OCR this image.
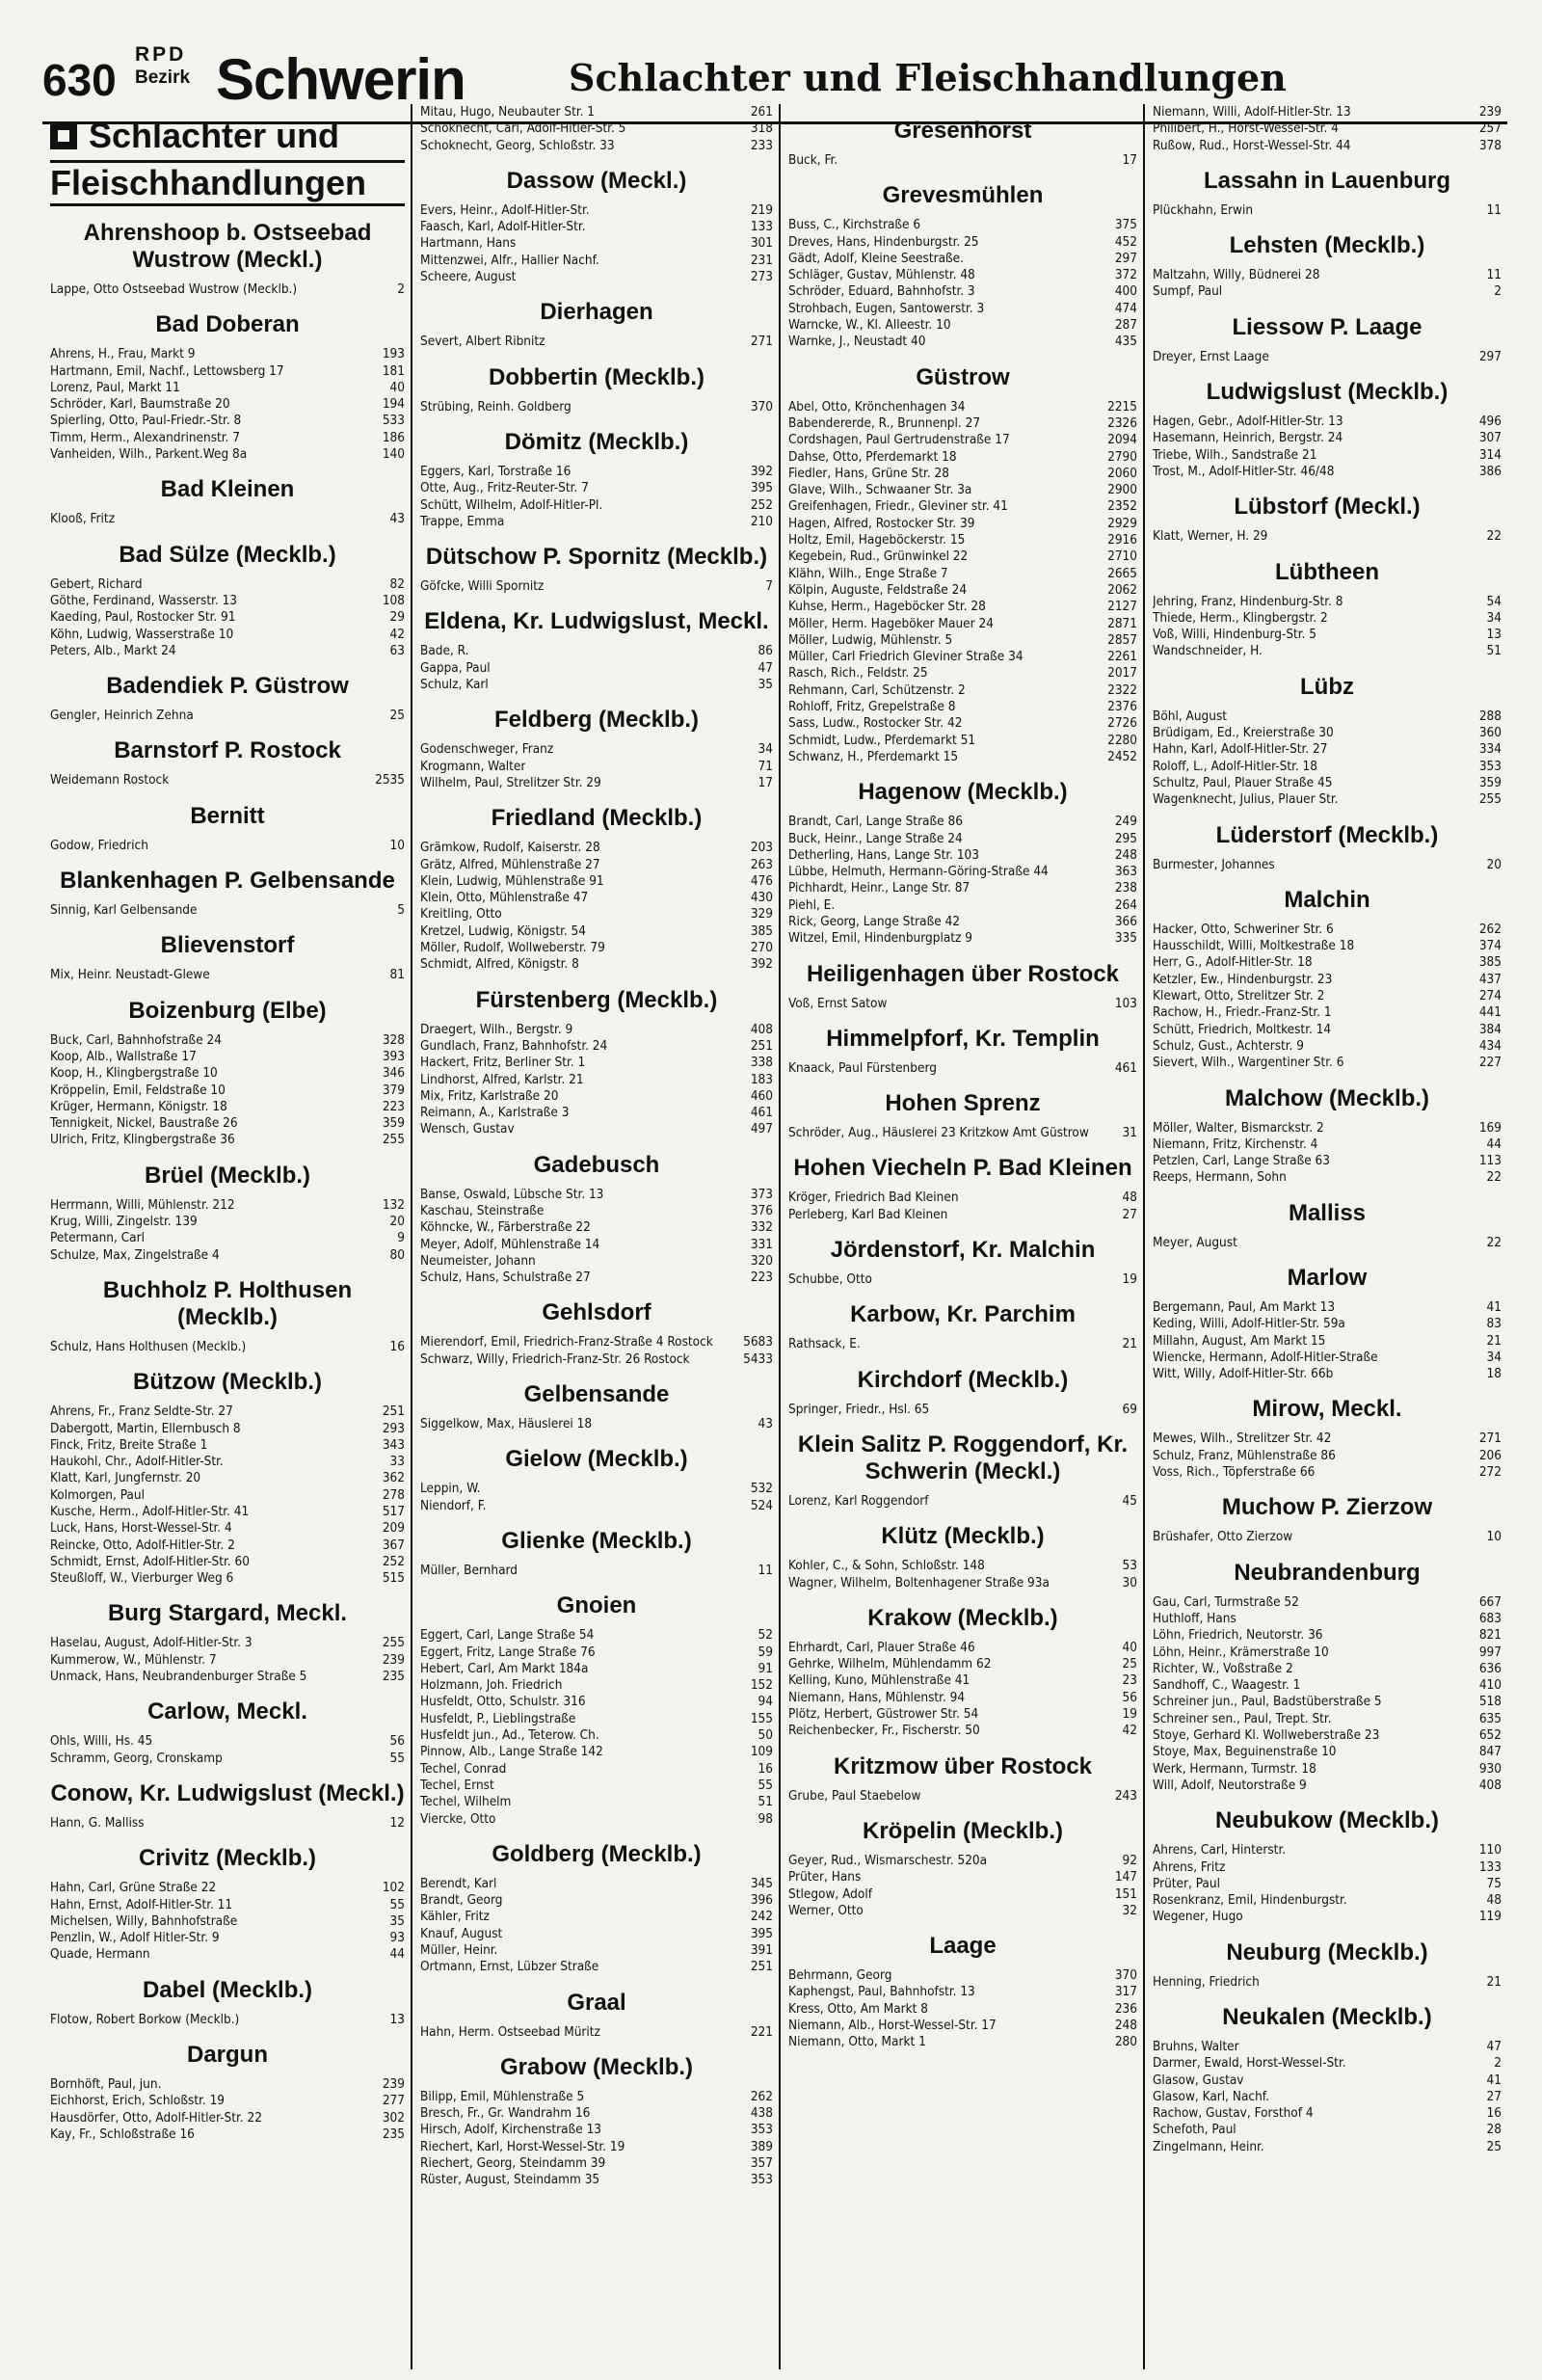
630
RPD
Bezirk Schwerin	Schlachter und Fleischhandlungen
Schlachter und
Fleischhandlungen
Ahrenshoop b. Ostseebad Wustrow (Meckl.)
Lappe, Otto Ostseebad Wustrow (Mecklb.)	2
Bad Doberan
Ahrens, H., Frau, Markt 9	193
Hartmann, Emil, Nachf., Lettowsberg 17	181
Lorenz, Paul, Markt 11	40
Schröder, Karl, Baumstraße 20	194
Spierling, Otto, Paul-Friedr.-Str. 8	533
Timm, Herm., Alexandrinenstr. 7	186
Vanheiden, Wilh., Parkent.Weg 8a	140
Bad Kleinen
Klooß, Fritz	43
Bad Sülze (Mecklb.)
Gebert, Richard	82
Göthe, Ferdinand, Wasserstr. 13	108
Kaeding, Paul, Rostocker Str. 91	29
Köhn, Ludwig, Wasserstraße 10	42
Peters, Alb., Markt 24	63
Badendiek P. Güstrow
Gengler, Heinrich Zehna	25
Barnstorf P. Rostock
Weidemann Rostock	2535
Bernitt
Godow, Friedrich	10
Blankenhagen P. Gelbensande
Sinnig, Karl Gelbensande	5
Blievenstorf
Mix, Heinr. Neustadt-Glewe	81
Boizenburg (Elbe)
Buck, Carl, Bahnhofstraße 24	328
Koop, Alb., Wallstraße 17	393
Koop, H., Klingbergstraße 10	346
Kröppelin, Emil, Feldstraße 10	379
Krüger, Hermann, Königstr. 18	223
Tennigkeit, Nickel, Baustraße 26	359
Ulrich, Fritz, Klingbergstraße 36	255
Brüel (Mecklb.)
Herrmann, Willi, Mühlenstr. 212	132
Krug, Willi, Zingelstr. 139	20
Petermann, Carl	9
Schulze, Max, Zingelstraße 4	80
Buchholz P. Holthusen (Mecklb.)
Schulz, Hans Holthusen (Mecklb.)	16
Bützow (Mecklb.)
Ahrens, Fr., Franz Seldte-Str. 27	251
Dabergott, Martin, Ellernbusch 8	293
Finck, Fritz, Breite Straße 1	343
Haukohl, Chr., Adolf-Hitler-Str.	33
Klatt, Karl, Jungfernstr. 20	362
Kolmorgen, Paul	278
Kusche, Herm., Adolf-Hitler-Str. 41	517
Luck, Hans, Horst-Wessel-Str. 4	209
Reincke, Otto, Adolf-Hitler-Str. 2	367
Schmidt, Ernst, Adolf-Hitler-Str. 60	252
Steußloff, W., Vierburger Weg 6	515
Burg Stargard, Meckl.
Haselau, August, Adolf-Hitler-Str. 3	255
Kummerow, W., Mühlenstr. 7	239
Unmack, Hans, Neubrandenburger Straße 5	235
Carlow, Meckl.
Ohls, Willi, Hs. 45	56
Schramm, Georg, Cronskamp	55
Conow, Kr. Ludwigslust (Meckl.)
Hann, G. Malliss	12
Crivitz (Mecklb.)
Hahn, Carl, Grüne Straße 22	102
Hahn, Ernst, Adolf-Hitler-Str. 11	55
Michelsen, Willy, Bahnhofstraße	35
Penzlin, W., Adolf Hitler-Str. 9	93
Quade, Hermann	44
Dabel (Mecklb.)
Flotow, Robert Borkow (Mecklb.)	13
Dargun
Bornhöft, Paul, jun.	239
Eichhorst, Erich, Schloßstr. 19	277
Hausdörfer, Otto, Adolf-Hitler-Str. 22	302
Kay, Fr., Schloßstraße 16	235
Mitau, Hugo, Neubauter Str. 1	261
Schoknecht, Carl, Adolf-Hitler-Str. 5	318
Schoknecht, Georg, Schloßstr. 33	233
Dassow (Meckl.)
Evers, Heinr., Adolf-Hitler-Str.	219
Faasch, Karl, Adolf-Hitler-Str.	133
Hartmann, Hans	301
Mittenzwei, Alfr., Hallier Nachf.	231
Scheere, August	273
Dierhagen
Severt, Albert Ribnitz	271
Dobbertin (Mecklb.)
Strübing, Reinh. Goldberg	370
Dömitz (Mecklb.)
Eggers, Karl, Torstraße 16	392
Otte, Aug., Fritz-Reuter-Str. 7	395
Schütt, Wilhelm, Adolf-Hitler-Pl.	252
Trappe, Emma	210
Dütschow P. Spornitz (Mecklb.)
Göfcke, Willi Spornitz	7
Eldena, Kr. Ludwigslust, Meckl.
Bade, R.	86
Gappa, Paul	47
Schulz, Karl	35
Feldberg (Mecklb.)
Godenschweger, Franz	34
Krogmann, Walter	71
Wilhelm, Paul, Strelitzer Str. 29	17
Friedland (Mecklb.)
Grämkow, Rudolf, Kaiserstr. 28	203
Grätz, Alfred, Mühlenstraße 27	263
Klein, Ludwig, Mühlenstraße 91	476
Klein, Otto, Mühlenstraße 47	430
Kreitling, Otto	329
Kretzel, Ludwig, Königstr. 54	385
Möller, Rudolf, Wollweberstr. 79	270
Schmidt, Alfred, Königstr. 8	392
Fürstenberg (Mecklb.)
Draegert, Wilh., Bergstr. 9	408
Gundlach, Franz, Bahnhofstr. 24	251
Hackert, Fritz, Berliner Str. 1	338
Lindhorst, Alfred, Karlstr. 21	183
Mix, Fritz, Karlstraße 20	460
Reimann, A., Karlstraße 3	461
Wensch, Gustav	497
Gadebusch
Banse, Oswald, Lübsche Str. 13	373
Kaschau, Steinstraße	376
Köhncke, W., Färberstraße 22	332
Meyer, Adolf, Mühlenstraße 14	331
Neumeister, Johann	320
Schulz, Hans, Schulstraße 27	223
Gehlsdorf
Mierendorf, Emil, Friedrich-Franz-Straße 4 Rostock 5683
Schwarz, Willy, Friedrich-Franz-Str. 26 Rostock	5433
Gelbensande
Siggelkow, Max, Häuslerei 18	43
Gielow (Mecklb.)
Leppin, W.	532
Niendorf, F.	524
Glienke (Mecklb.)
Müller, Bernhard	11
Gnoien
Eggert, Carl, Lange Straße 54	52
Eggert, Fritz, Lange Straße 76	59
Hebert, Carl, Am Markt 184a	91
Holzmann, Joh. Friedrich	152
Husfeldt, Otto, Schulstr. 316	94
Husfeldt, P., Lieblingstraße	155
Husfeldt jun., Ad., Teterow. Ch.	50
Pinnow, Alb., Lange Straße 142	109
Techel, Conrad	16
Techel, Ernst	55
Techel, Wilhelm	51
Viercke, Otto	98
Goldberg (Mecklb.)
Berendt, Karl	345
Brandt, Georg	396
Kähler, Fritz	242
Knauf, August	395
Müller, Heinr.	391
Ortmann, Ernst, Lübzer Straße	251
Graal
Hahn, Herm. Ostseebad Müritz	221
Grabow (Mecklb.)
Bilipp, Emil, Mühlenstraße 5	262
Bresch, Fr., Gr. Wandrahm 16	438
Hirsch, Adolf, Kirchenstraße 13	353
Riechert, Karl, Horst-Wessel-Str. 19	389
Riechert, Georg, Steindamm 39	357
Rüster, August, Steindamm 35	353
Gresenhorst
Buck, Fr.	17
Grevesmühlen
Buss, C., Kirchstraße 6	375
Dreves, Hans, Hindenburgstr. 25	452
Gädt, Adolf, Kleine Seestraße.	297
Schläger, Gustav, Mühlenstr. 48	372
Schröder, Eduard, Bahnhofstr. 3	400
Strohbach, Eugen, Santowerstr. 3	474
Warncke, W., Kl. Alleestr. 10	287
Warnke, J., Neustadt 40	435
Güstrow
Abel, Otto, Krönchenhagen 34	2215
Babendererde, R., Brunnenpl. 27	2326
Cordshagen, Paul Gertrudenstraße 17	2094
Dahse, Otto, Pferdemarkt 18	2790
Fiedler, Hans, Grüne Str. 28	2060
Glave, Wilh., Schwaaner Str. 3a	2900
Greifenhagen, Friedr., Gleviner str. 41	2352
Hagen, Alfred, Rostocker Str. 39	2929
Holtz, Emil, Hageböckerstr. 15	2916
Kegebein, Rud., Grünwinkel 22	2710
Klähn, Wilh., Enge Straße 7	2665
Kölpin, Auguste, Feldstraße 24	2062
Kuhse, Herm., Hageböcker Str. 28	2127
Möller, Herm. Hageböker Mauer 24	2871
Möller, Ludwig, Mühlenstr. 5	2857
Müller, Carl Friedrich Gleviner Straße 34	2261
Rasch, Rich., Feldstr. 25	2017
Rehmann, Carl, Schützenstr. 2	2322
Rohloff, Fritz, Grepelstraße 8	2376
Sass, Ludw., Rostocker Str. 42	2726
Schmidt, Ludw., Pferdemarkt 51	2280
Schwanz, H., Pferdemarkt 15	2452
Hagenow (Mecklb.)
Brandt, Carl, Lange Straße 86	249
Buck, Heinr., Lange Straße 24	295
Detherling, Hans, Lange Str. 103	248
Lübbe, Helmuth, Hermann-Göring-Straße 44	363
Pichhardt, Heinr., Lange Str. 87	238
Piehl, E.	264
Rick, Georg, Lange Straße 42	366
Witzel, Emil, Hindenburgplatz 9	335
Heiligenhagen über Rostock
Voß, Ernst Satow	103
Himmelpforf, Kr. Templin
Knaack, Paul Fürstenberg	461
Hohen Sprenz
Schröder, Aug., Häuslerei 23 Kritzkow Amt Güstrow	31
Hohen Viecheln P. Bad Kleinen
Kröger, Friedrich Bad Kleinen	48
Perleberg, Karl Bad Kleinen	27
Jördenstorf, Kr. Malchin
Schubbe, Otto	19
Karbow, Kr. Parchim
Rathsack, E.	21
Kirchdorf (Mecklb.)
Springer, Friedr., Hsl. 65	69
Klein Salitz P. Roggendorf, Kr. Schwerin (Meckl.)
Lorenz, Karl Roggendorf	45
Klütz (Mecklb.)
Kohler, C., & Sohn, Schloßstr. 148	53
Wagner, Wilhelm, Boltenhagener Straße 93a	30
Krakow (Mecklb.)
Ehrhardt, Carl, Plauer Straße 46	40
Gehrke, Wilhelm, Mühlendamm 62	25
Kelling, Kuno, Mühlenstraße 41	23
Niemann, Hans, Mühlenstr. 94	56
Plötz, Herbert, Güstrower Str. 54	19
Reichenbecker, Fr., Fischerstr. 50	42
Kritzmow über Rostock
Grube, Paul Staebelow	243
Kröpelin (Mecklb.)
Geyer, Rud., Wismarschestr. 520a	92
Prüter, Hans	147
Stlegow, Adolf	151
Werner, Otto	32
Laage
Behrmann, Georg	370
Kaphengst, Paul, Bahnhofstr. 13	317
Kress, Otto, Am Markt 8	236
Niemann, Alb., Horst-Wessel-Str. 17	248
Niemann, Otto, Markt 1	280
Niemann, Willi, Adolf-Hitler-Str. 13	239
Philibert, H., Horst-Wessel-Str. 4	257
Rußow, Rud., Horst-Wessel-Str. 44	378
Lassahn in Lauenburg
Plückhahn, Erwin	11
Lehsten (Mecklb.)
Maltzahn, Willy, Büdnerei 28	11
Sumpf, Paul	2
Liessow P. Laage
Dreyer, Ernst Laage	297
Ludwigslust (Mecklb.)
Hagen, Gebr., Adolf-Hitler-Str. 13	496
Hasemann, Heinrich, Bergstr. 24	307
Triebe, Wilh., Sandstraße 21	314
Trost, M., Adolf-Hitler-Str. 46/48	386
Lübstorf (Meckl.)
Klatt, Werner, H. 29	22
Lübtheen
Jehring, Franz, Hindenburg-Str. 8	54
Thiede, Herm., Klingbergstr. 2	34
Voß, Willi, Hindenburg-Str. 5	13
Wandschneider, H.	51
Lübz
Böhl, August	288
Brüdigam, Ed., Kreierstraße 30	360
Hahn, Karl, Adolf-Hitler-Str. 27	334
Roloff, L., Adolf-Hitler-Str. 18	353
Schultz, Paul, Plauer Straße 45	359
Wagenknecht, Julius, Plauer Str.	255
Lüderstorf (Mecklb.)
Burmester, Johannes	20
Malchin
Hacker, Otto, Schweriner Str. 6	262
Hausschildt, Willi, Moltkestraße 18	374
Herr, G., Adolf-Hitler-Str. 18	385
Ketzler, Ew., Hindenburgstr. 23	437
Klewart, Otto, Strelitzer Str. 2	274
Rachow, H., Friedr.-Franz-Str. 1	441
Schütt, Friedrich, Moltkestr. 14	384
Schulz, Gust., Achterstr. 9	434
Sievert, Wilh., Wargentiner Str. 6	227
Malchow (Mecklb.)
Möller, Walter, Bismarckstr. 2	169
Niemann, Fritz, Kirchenstr. 4	44
Petzlen, Carl, Lange Straße 63	113
Reeps, Hermann, Sohn	22
Malliss
Meyer, August	22
Marlow
Bergemann, Paul, Am Markt 13	41
Keding, Willi, Adolf-Hitler-Str. 59a	83
Millahn, August, Am Markt 15	21
Wiencke, Hermann, Adolf-Hitler-Straße	34
Witt, Willy, Adolf-Hitler-Str. 66b	18
Mirow, Meckl.
Mewes, Wilh., Strelitzer Str. 42	271
Schulz, Franz, Mühlenstraße 86	206
Voss, Rich., Töpferstraße 66	272
Muchow P. Zierzow
Brüshafer, Otto Zierzow	10
Neubrandenburg
Gau, Carl, Turmstraße 52	667
Huthloff, Hans	683
Löhn, Friedrich, Neutorstr. 36	821
Löhn, Heinr., Krämerstraße 10	997
Richter, W., Voßstraße 2	636
Sandhoff, C., Waagestr. 1	410
Schreiner jun., Paul, Badstüberstraße 5	518
Schreiner sen., Paul, Trept. Str.	635
Stoye, Gerhard Kl. Wollweberstraße 23	652
Stoye, Max, Beguinenstraße 10	847
Werk, Hermann, Turmstr. 18	930
Will, Adolf, Neutorstraße 9	408
Neubukow (Mecklb.)
Ahrens, Carl, Hinterstr.	110
Ahrens, Fritz	133
Prüter, Paul	75
Rosenkranz, Emil, Hindenburgstr.	48
Wegener, Hugo	119
Neuburg (Mecklb.)
Henning, Friedrich	21
Neukalen (Mecklb.)
Bruhns, Walter	47
Darmer, Ewald, Horst-Wessel-Str.	2
Glasow, Gustav	41
Glasow, Karl, Nachf.	27
Rachow, Gustav, Forsthof 4	16
Schefoth, Paul	28
Zingelmann, Heinr.	25
